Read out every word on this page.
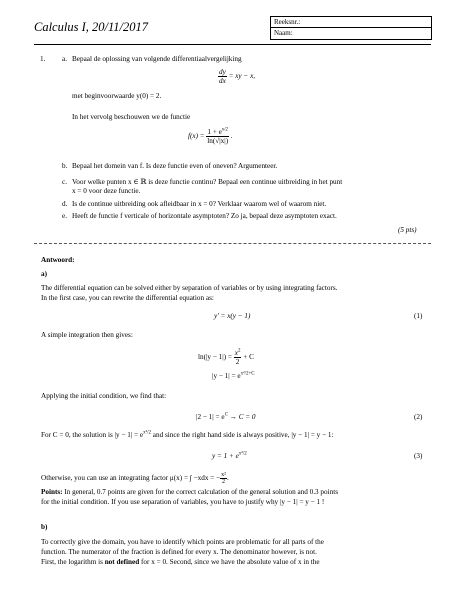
Calculus I, 20/11/2017	Reeksnr.:
Naam:
1. a. Bepaal de oplossing van volgende differentiaalvergelijking
$\frac{dy}{dx}$ = xy − x,
met beginvoorwaarde y(0) = 2.
In het vervolg beschouwen we de functie
$f(x) = \frac{1 + e^{x/2}}{\ln(√|x|)}$ .
b. Bepaal het domein van f. Is deze functie even of oneven? Argumenteer.
c. Voor welke punten x ∈ ℝ is deze functie continu? Bepaal een continue uitbreiding in het punt
x = 0 voor deze functie.
d. Is de continue uitbreiding ook afleidbaar in x = 0? Verklaar waarom wel of waarom niet.
e. Heeft de functie f verticale of horizontale asymptoten? Zo ja, bepaal deze asymptoten exact.
(5 pts)
Antwoord:
a)
The differential equation can be solved either by separation of variables or by using integrating factors.
In the first case, you can rewrite the differential equation as:
y′ = x(y − 1)	(1)
A simple integration then gives:
$\ln(|y - 1|) = \frac{x^2}{2} + C$
$|y - 1| = e^{x^2/2+C}$
Applying the initial condition, we find that:
$|2 - 1| = e^C \to C = 0$	(2)
For C = 0, the solution is $|y - 1| = e^{x^2/2}$ and since the right hand side is always positive, |y − 1| = y − 1:
$y = 1 + e^{x^2/2}$	(3)
Otherwise, you can use an integrating factor μ(x) = ∫ −xdx = − $\frac{\text{x²}}{2}$ .
Points: In general, 0.7 points are given for the correct calculation of the general solution and 0.3 points
for the initial condition. If you use separation of variables, you have to justify why |y − 1| = y − 1 !
b)
To correctly give the domain, you have to identify which points are problematic for all parts of the
function. The numerator of the fraction is defined for every x. The denominator however, is not.
First, the logarithm is not defined for x = 0. Second, since we have the absolute value of x in the
